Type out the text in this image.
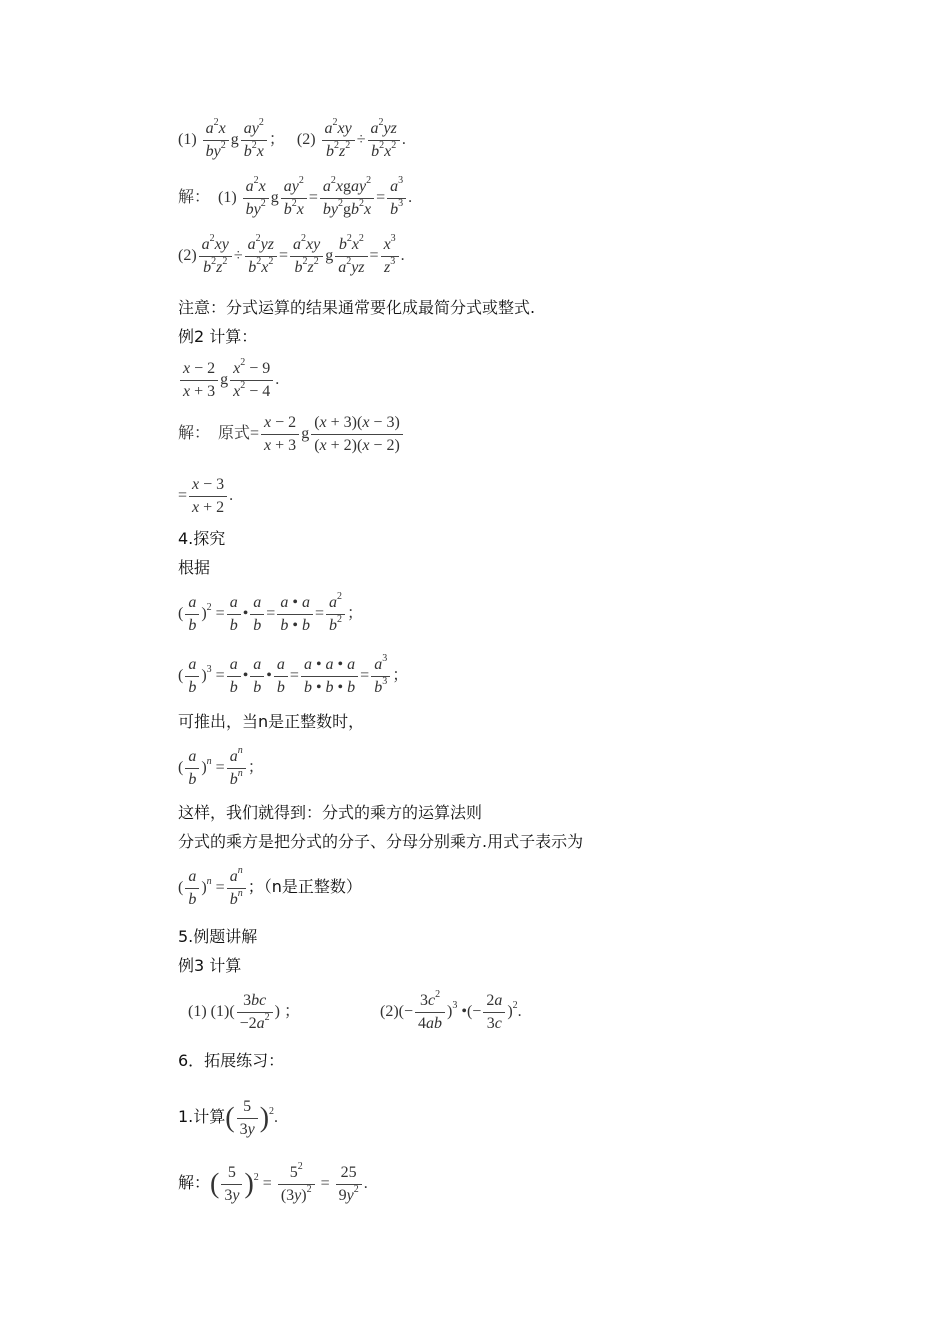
$(1) \frac{a^2x}{by^2}$ g $\frac{ay^2}{b^2x}$ ；   $(2) \frac{a^2xy}{b^2z^2} \div \frac{a^2yz}{b^2x^2}$ .
解：  $(1) \frac{a^2x}{by^2}$ g $\frac{ay^2}{b^2x} = \frac{a^2xgay^2}{by^2gb^2x} = \frac{a^3}{b^3}$ .
$(2) \frac{a^2xy}{b^2z^2} \div \frac{a^2yz}{b^2x^2} = \frac{a^2xy}{b^2z^2}$ g $\frac{b^2x^2}{a^2yz} = \frac{x^3}{z^3}$ .
注意：分式运算的结果通常要化成最简分式或整式.
例2 计算：
$\frac{x - 2}{x + 3}$ g $\frac{x^2 - 9}{x^2 - 4}$ .
解： 原式= $\frac{x - 2}{x + 3}$ g $\frac{(x + 3)(x - 3)}{(x + 2)(x - 2)}$
= $\frac{x - 3}{x + 2}$ .
4.探究
根据
( $\frac{a}{b} )^2 = \frac{a}{b}$ • $\frac{a}{b} = \frac{a • a}{b • b} = \frac{a^2}{b^2}$ ；
( $\frac{a}{b} )^3 = \frac{a}{b}$ • $\frac{a}{b}$ • $\frac{a}{b} = \frac{a • a • a}{b • b • b} = \frac{a^3}{b^3}$ ；
可推出，当n是正整数时，
( $\frac{a}{b} )^n = \frac{a^n}{b^n}$ ；
这样，我们就得到：分式的乘方的运算法则
分式的乘方是把分式的分子、分母分别乘方.用式子表示为
( $\frac{a}{b} )^n = \frac{a^n}{b^n}$ ；（n是正整数）
5.例题讲解
例3 计算
(1) $(1)( \frac{3bc}{-2a^2}$ ) ；	$(2)(- \frac{3c^2}{4ab} )^3$ •(− $\frac{2a}{3c} )^2$.
6．拓展练习：
1.计算( $\frac{5}{3y} )^2$.
解：( $\frac{5}{3y} )^2 = \frac{5^2}{(3y)^2} = \frac{25}{9y^2}$ .
